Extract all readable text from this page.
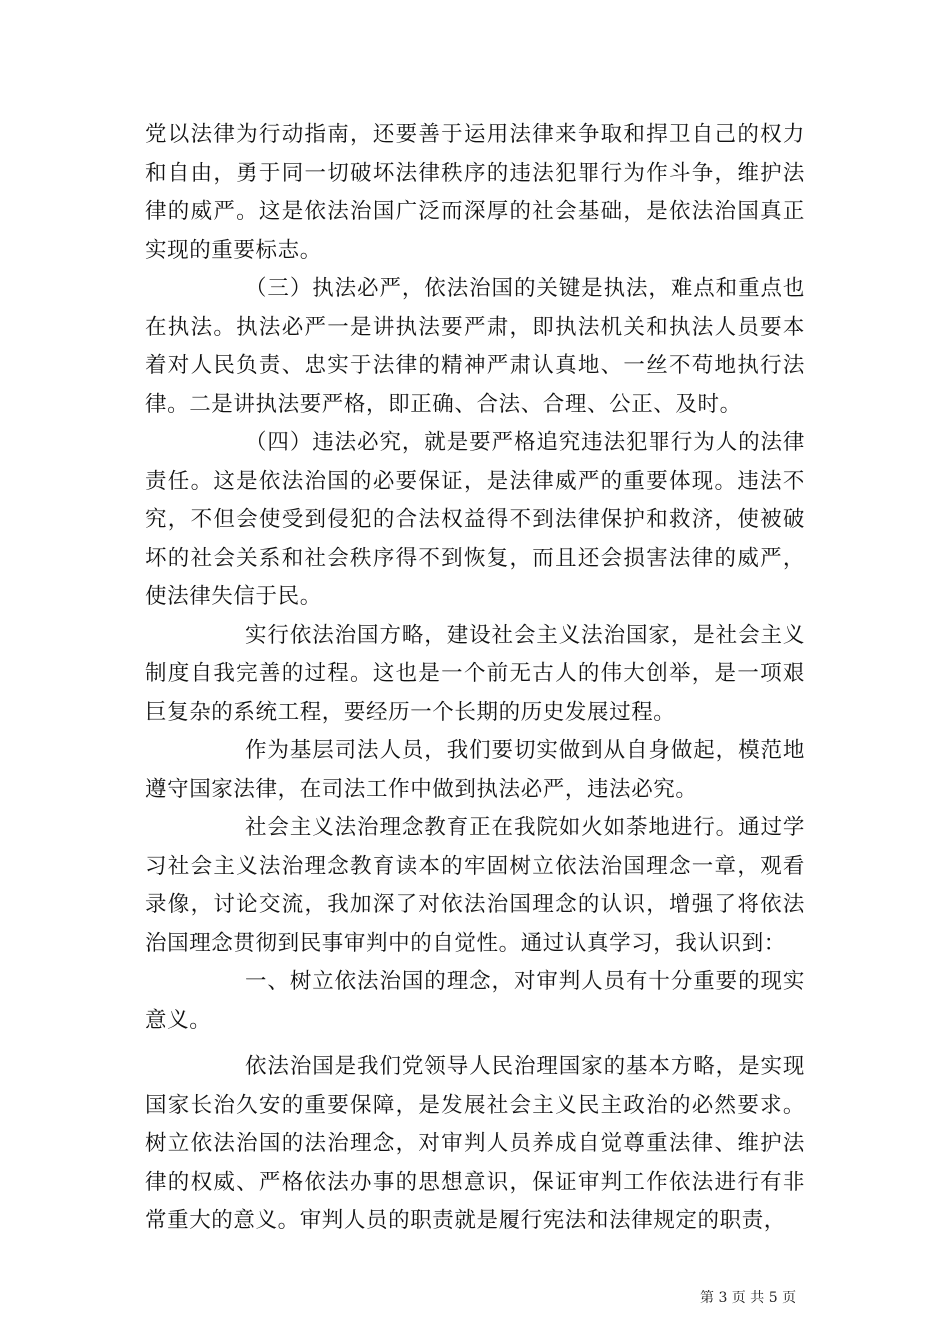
党以法律为行动指南，还要善于运用法律来争取和捍卫自己的权力和自由，勇于同一切破坏法律秩序的违法犯罪行为作斗争，维护法律的威严。这是依法治国广泛而深厚的社会基础，是依法治国真正实现的重要标志。

（三）执法必严，依法治国的关键是执法，难点和重点也在执法。执法必严一是讲执法要严肃，即执法机关和执法人员要本着对人民负责、忠实于法律的精神严肃认真地、一丝不苟地执行法律。二是讲执法要严格，即正确、合法、合理、公正、及时。

（四）违法必究，就是要严格追究违法犯罪行为人的法律责任。这是依法治国的必要保证，是法律威严的重要体现。违法不究，不但会使受到侵犯的合法权益得不到法律保护和救济，使被破坏的社会关系和社会秩序得不到恢复，而且还会损害法律的威严，使法律失信于民。

实行依法治国方略，建设社会主义法治国家，是社会主义制度自我完善的过程。这也是一个前无古人的伟大创举，是一项艰巨复杂的系统工程，要经历一个长期的历史发展过程。

作为基层司法人员，我们要切实做到从自身做起，模范地遵守国家法律，在司法工作中做到执法必严，违法必究。

社会主义法治理念教育正在我院如火如荼地进行。通过学习社会主义法治理念教育读本的牢固树立依法治国理念一章，观看录像，讨论交流，我加深了对依法治国理念的认识，增强了将依法治国理念贯彻到民事审判中的自觉性。通过认真学习，我认识到：

一、树立依法治国的理念，对审判人员有十分重要的现实意义。

依法治国是我们党领导人民治理国家的基本方略，是实现国家长治久安的重要保障，是发展社会主义民主政治的必然要求。树立依法治国的法治理念，对审判人员养成自觉尊重法律、维护法律的权威、严格依法办事的思想意识，保证审判工作依法进行有非常重大的意义。审判人员的职责就是履行宪法和法律规定的职责，

第 3 页 共 5 页
